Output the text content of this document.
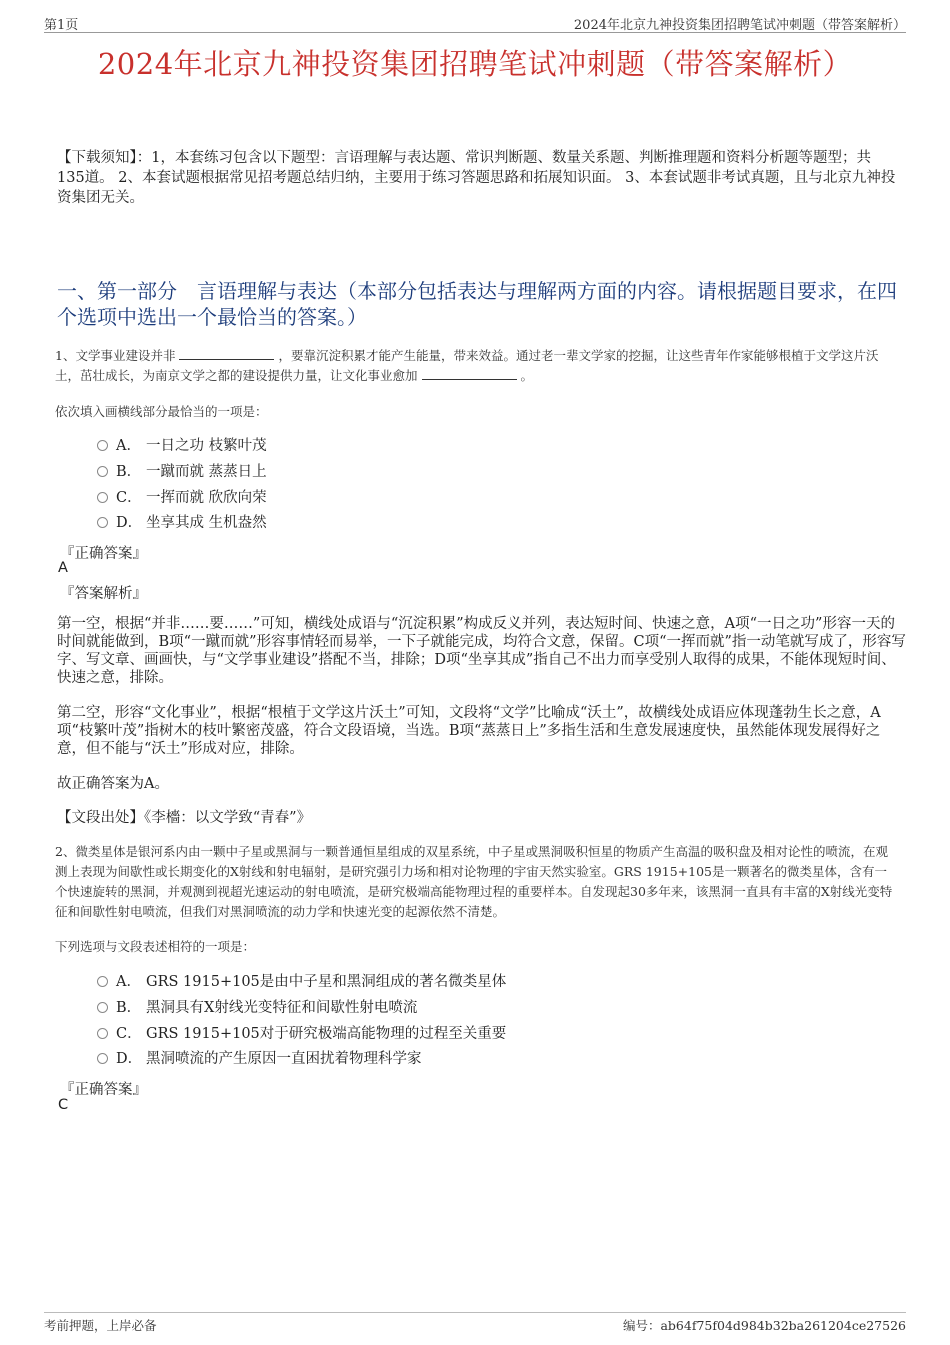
第1页	2024年北京九神投资集团招聘笔试冲刺题（带答案解析）
2024年北京九神投资集团招聘笔试冲刺题（带答案解析）
【下载须知】：1，本套练习包含以下题型：言语理解与表达题、常识判断题、数量关系题、判断推理题和资料分析题等题型；共135道。 2、本套试题根据常见招考题总结归纳，主要用于练习答题思路和拓展知识面。 3、本套试题非考试真题，且与北京九神投资集团无关。
一、第一部分　言语理解与表达（本部分包括表达与理解两方面的内容。请根据题目要求，在四个选项中选出一个最恰当的答案。）
1、文学事业建设并非	，要靠沉淀积累才能产生能量，带来效益。通过老一辈文学家的挖掘，让这些青年作家能够根植于文学这片沃土，茁壮成长，为南京文学之都的建设提供力量，让文化事业愈加	。
依次填入画横线部分最恰当的一项是：
A． 一日之功 枝繁叶茂
B． 一蹴而就 蒸蒸日上
C． 一挥而就 欣欣向荣
D． 坐享其成 生机盎然
『正确答案』
A
『答案解析』
第一空，根据“并非……要……”可知，横线处成语与“沉淀积累”构成反义并列，表达短时间、快速之意，A项“一日之功”形容一天的时间就能做到，B项“一蹴而就”形容事情轻而易举，一下子就能完成，均符合文意，保留。C项“一挥而就”指一动笔就写成了，形容写字、写文章、画画快，与“文学事业建设”搭配不当，排除；D项“坐享其成”指自己不出力而享受别人取得的成果，不能体现短时间、快速之意，排除。
第二空，形容“文化事业”，根据“根植于文学这片沃土”可知，文段将“文学”比喻成“沃土”，故横线处成语应体现蓬勃生长之意，A项“枝繁叶茂”指树木的枝叶繁密茂盛，符合文段语境，当选。B项“蒸蒸日上”多指生活和生意发展速度快，虽然能体现发展得好之意，但不能与“沃土”形成对应，排除。
故正确答案为A。
【文段出处】《李檣：以文学致“青春”》
2、微类星体是银河系内由一颗中子星或黑洞与一颗普通恒星组成的双星系统，中子星或黑洞吸积恒星的物质产生高温的吸积盘及相对论性的喷流，在观测上表现为间歇性或长期变化的X射线和射电辐射，是研究强引力场和相对论物理的宇宙天然实验室。GRS 1915+105是一颗著名的微类星体，含有一个快速旋转的黑洞，并观测到视超光速运动的射电喷流，是研究极端高能物理过程的重要样本。自发现起30多年来，该黑洞一直具有丰富的X射线光变特征和间歇性射电喷流，但我们对黑洞喷流的动力学和快速光变的起源依然不清楚。
下列选项与文段表述相符的一项是：
A． GRS 1915+105是由中子星和黑洞组成的著名微类星体
B． 黑洞具有X射线光变特征和间歇性射电喷流
C． GRS 1915+105对于研究极端高能物理的过程至关重要
D． 黑洞喷流的产生原因一直困扰着物理科学家
『正确答案』
C
考前押题，上岸必备	编号：ab64f75f04d984b32ba261204ce27526
